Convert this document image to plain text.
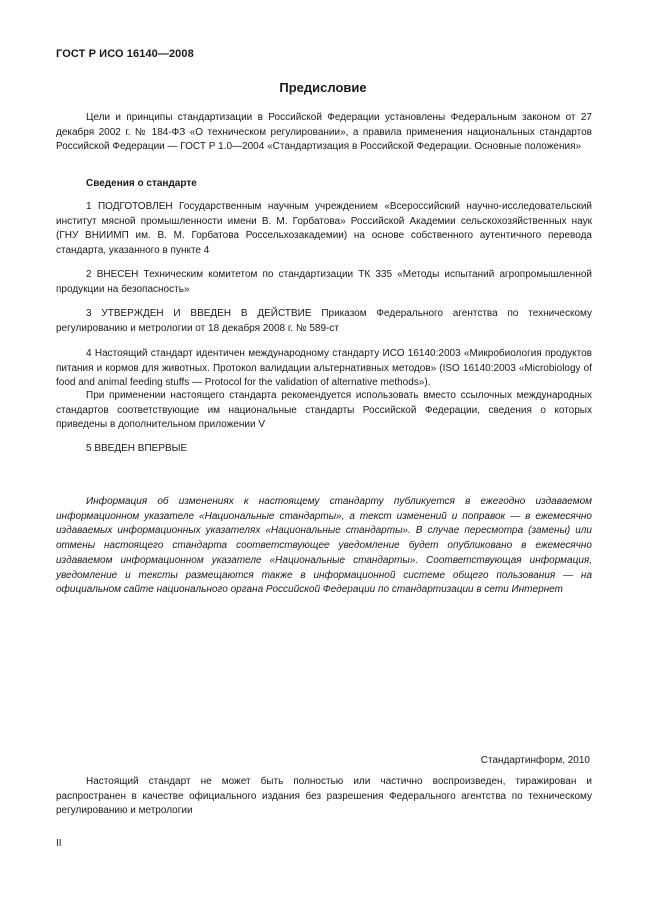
ГОСТ Р ИСО 16140—2008
Предисловие

Цели и принципы стандартизации в Российской Федерации установлены Федеральным законом от 27 декабря 2002 г. № 184-ФЗ «О техническом регулировании», а правила применения национальных стандартов Российской Федерации — ГОСТ Р 1.0—2004 «Стандартизация в Российской Федерации. Основные положения»

Сведения о стандарте

1 ПОДГОТОВЛЕН Государственным научным учреждением «Всероссийский научно-исследовательский институт мясной промышленности имени В. М. Горбатова» Российской Академии сельскохозяйственных наук (ГНУ ВНИИМП им. В. М. Горбатова Россельхозакадемии) на основе собственного аутентичного перевода стандарта, указанного в пункте 4

2 ВНЕСЕН Техническим комитетом по стандартизации ТК 335 «Методы испытаний агропромышленной продукции на безопасность»

3 УТВЕРЖДЕН И ВВЕДЕН В ДЕЙСТВИЕ Приказом Федерального агентства по техническому регулированию и метрологии от 18 декабря 2008 г. № 589-ст

4 Настоящий стандарт идентичен международному стандарту ИСО 16140:2003 «Микробиология продуктов питания и кормов для животных. Протокол валидации альтернативных методов» (ISO 16140:2003 «Microbiology of food and animal feeding stuffs — Protocol for the validation of alternative methods»).

При применении настоящего стандарта рекомендуется использовать вместо ссылочных международных стандартов соответствующие им национальные стандарты Российской Федерации, сведения о которых приведены в дополнительном приложении V

5 ВВЕДЕН ВПЕРВЫЕ

Информация об изменениях к настоящему стандарту публикуется в ежегодно издаваемом информационном указателе «Национальные стандарты», а текст изменений и поправок — в ежемесячно издаваемых информационных указателях «Национальные стандарты». В случае пересмотра (замены) или отмены настоящего стандарта соответствующее уведомление будет опубликовано в ежемесячно издаваемом информационном указателе «Национальные стандарты». Соответствующая информация, уведомление и тексты размещаются также в информационной системе общего пользования — на официальном сайте национального органа Российской Федерации по стандартизации в сети Интернет

Стандартинформ, 2010

Настоящий стандарт не может быть полностью или частично воспроизведен, тиражирован и распространен в качестве официального издания без разрешения Федерального агентства по техническому регулированию и метрологии

II
